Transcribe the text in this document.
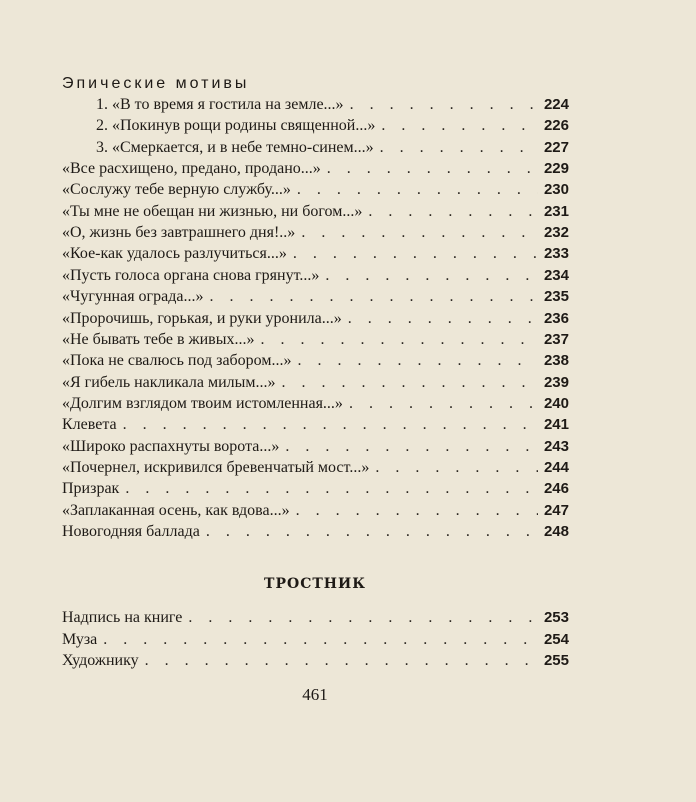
Эпические мотивы
1. «В то время я гостила на земле...» . . .	224
2. «Покинув рощи родины священной...» . . .	226
3. «Смеркается, и в небе темно-синем...» . . .	227
«Все расхищено, предано, продано...» . . .	229
«Сослужу тебе верную службу...» . . .	230
«Ты мне не обещан ни жизнью, ни богом...» . . .	231
«О, жизнь без завтрашнего дня!..» . . .	232
«Кое-как удалось разлучиться...» . . .	233
«Пусть голоса органа снова грянут...» . . .	234
«Чугунная ограда...» . . .	235
«Пророчишь, горькая, и руки уронила...» . . .	236
«Не бывать тебе в живых...» . . .	237
«Пока не свалюсь под забором...» . . .	238
«Я гибель накликала милым...» . . .	239
«Долгим взглядом твоим истомленная...» . . .	240
Клевета . . .	241
«Широко распахнуты ворота...» . . .	243
«Почернел, искривился бревенчатый мост...» . . .	244
Призрак . . .	246
«Заплаканная осень, как вдова...» . . .	247
Новогодняя баллада . . .	248
Надпись на книге . . .	253
Муза . . .	254
Художнику . . .	255
ТРОСТНИК
461
